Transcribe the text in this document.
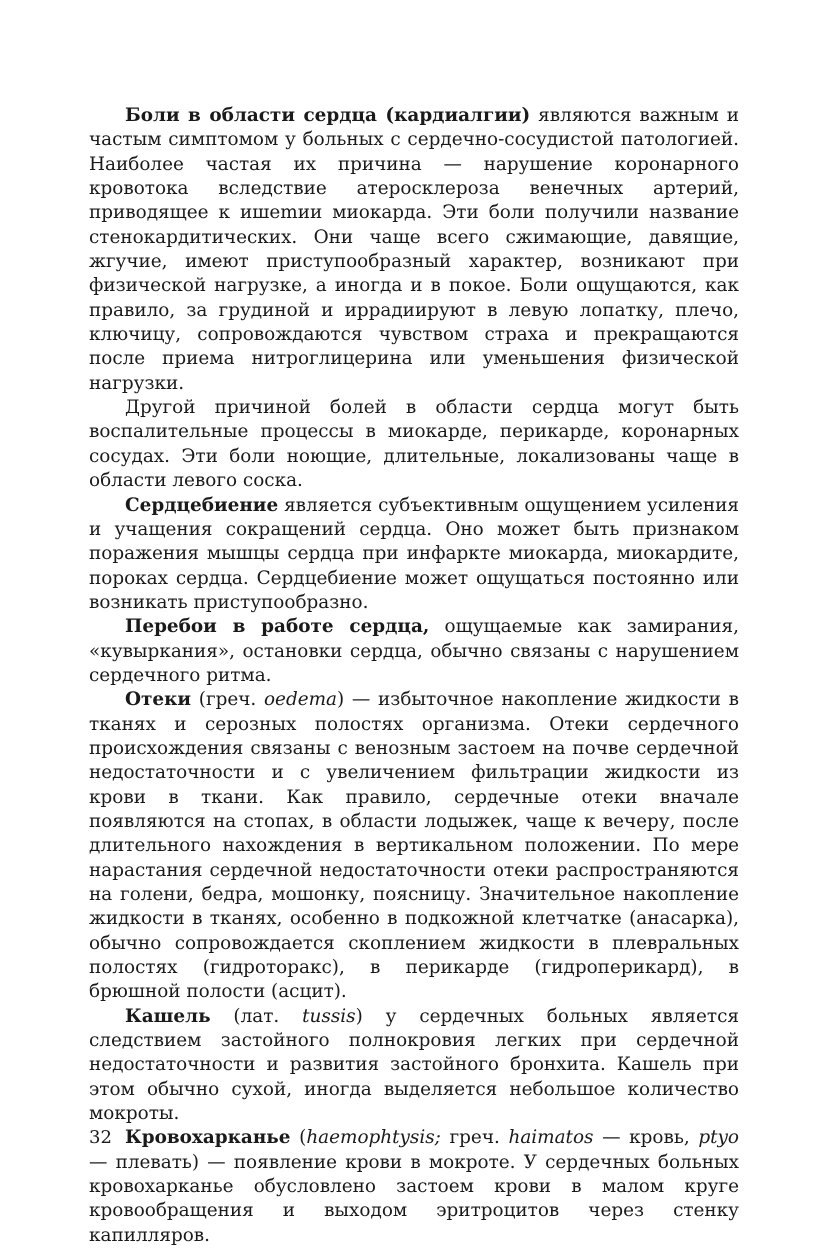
Боли в области сердца (кардиалгии) являются важным и частым симптомом у больных с сердечно-сосудистой патологией. Наиболее частая их причина — нарушение коронарного кровотока вследствие атеросклероза венечных артерий, приводящее к ишеmии миокарда. Эти боли получили название стенокардитических. Они чаще всего сжимающие, давящие, жгучие, имеют приступообразный характер, возникают при физической нагрузке, а иногда и в покое. Боли ощущаются, как правило, за грудиной и иррадиируют в левую лопатку, плечо, ключицу, сопровождаются чувством страха и прекращаются после приема нитроглицерина или уменьшения физической нагрузки.

Другой причиной болей в области сердца могут быть воспалительные процессы в миокарде, перикарде, коронарных сосудах. Эти боли ноющие, длительные, локализованы чаще в области левого соска.

Сердцебиение является субъективным ощущением усиления и учащения сокращений сердца. Оно может быть признаком поражения мышцы сердца при инфаркте миокарда, миокардите, пороках сердца. Сердцебиение может ощущаться постоянно или возникать приступообразно.

Перебои в работе сердца, ощущаемые как замирания, «кувыркания», остановки сердца, обычно связаны с нарушением сердечного ритма.

Отеки (греч. oedema) — избыточное накопление жидкости в тканях и серозных полостях организма. Отеки сердечного происхождения связаны с венозным застоем на почве сердечной недостаточности и с увеличением фильтрации жидкости из крови в ткани. Как правило, сердечные отеки вначале появляются на стопах, в области лодыжек, чаще к вечеру, после длительного нахождения в вертикальном положении. По мере нарастания сердечной недостаточности отеки распространяются на голени, бедра, мошонку, поясницу. Значительное накопление жидкости в тканях, особенно в подкожной клетчатке (анасарка), обычно сопровождается скоплением жидкости в плевральных полостях (гидроторакс), в перикарде (гидроперикард), в брюшной полости (асцит).

Кашель (лат. tussis) у сердечных больных является следствием застойного полнокровия легких при сердечной недостаточности и развития застойного бронхита. Кашель при этом обычно сухой, иногда выделяется небольшое количество мокроты.

Кровохарканье (haemophtysis; греч. haimatos — кровь, ptyo — плевать) — появление крови в мокроте. У сердечных больных кровохарканье обусловлено застоем крови в малом круге кровообращения и выходом эритроцитов через стенку капилляров.

32
